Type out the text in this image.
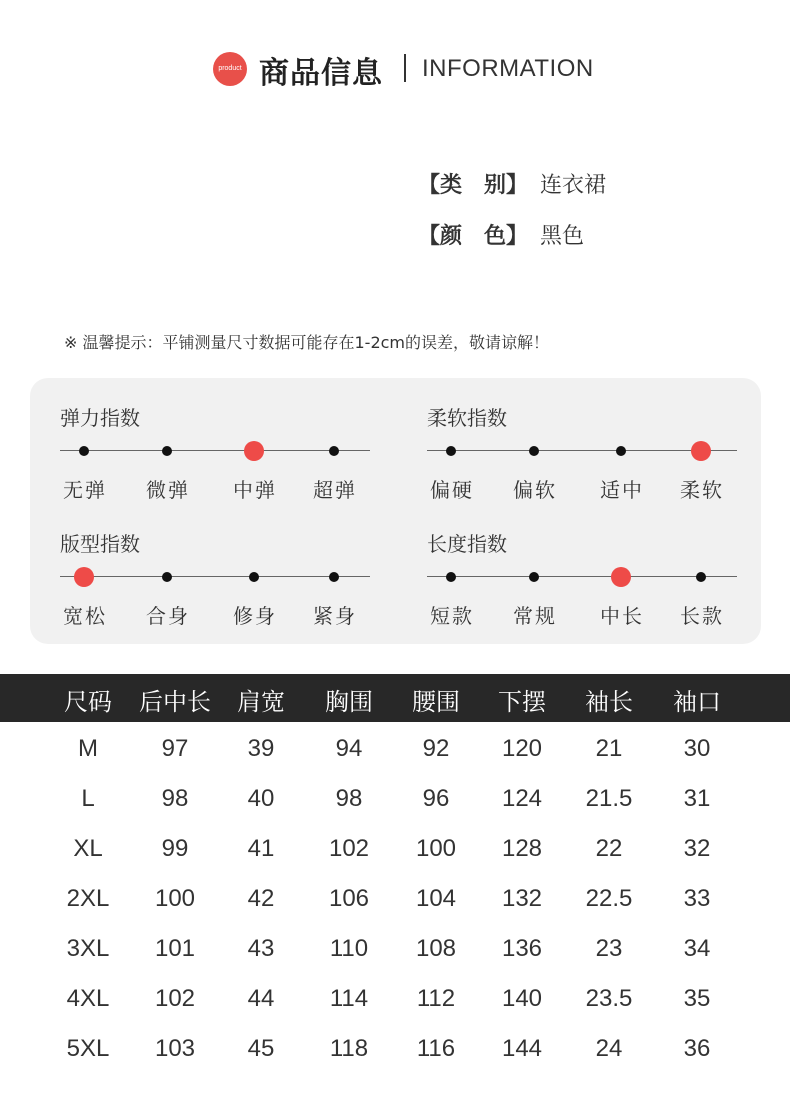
product 商品信息 INFORMATION
【类　别】 连衣裙
【颜　色】 黑色
※ 温馨提示：平铺测量尺寸数据可能存在1-2cm的误差，敬请谅解！
弹力指数
无弹 微弹 中弹 超弹
柔软指数
偏硬 偏软 适中 柔软
版型指数
宽松 合身 修身 紧身
长度指数
短款 常规 中长 长款
尺码 后中长 肩宽 胸围 腰围 下摆 袖长 袖口
M	97 39	94	92 120 21	30
L	98 40	98	96 124 21.5 31
XL 99 41 102 100 128 22	32
2XL 100 42 106 104 132 22.5 33
3XL 101 43 110 108 136 23	34
4XL 102 44 114 112 140 23.5 35
5XL 103 45 118 116 144 24	36
